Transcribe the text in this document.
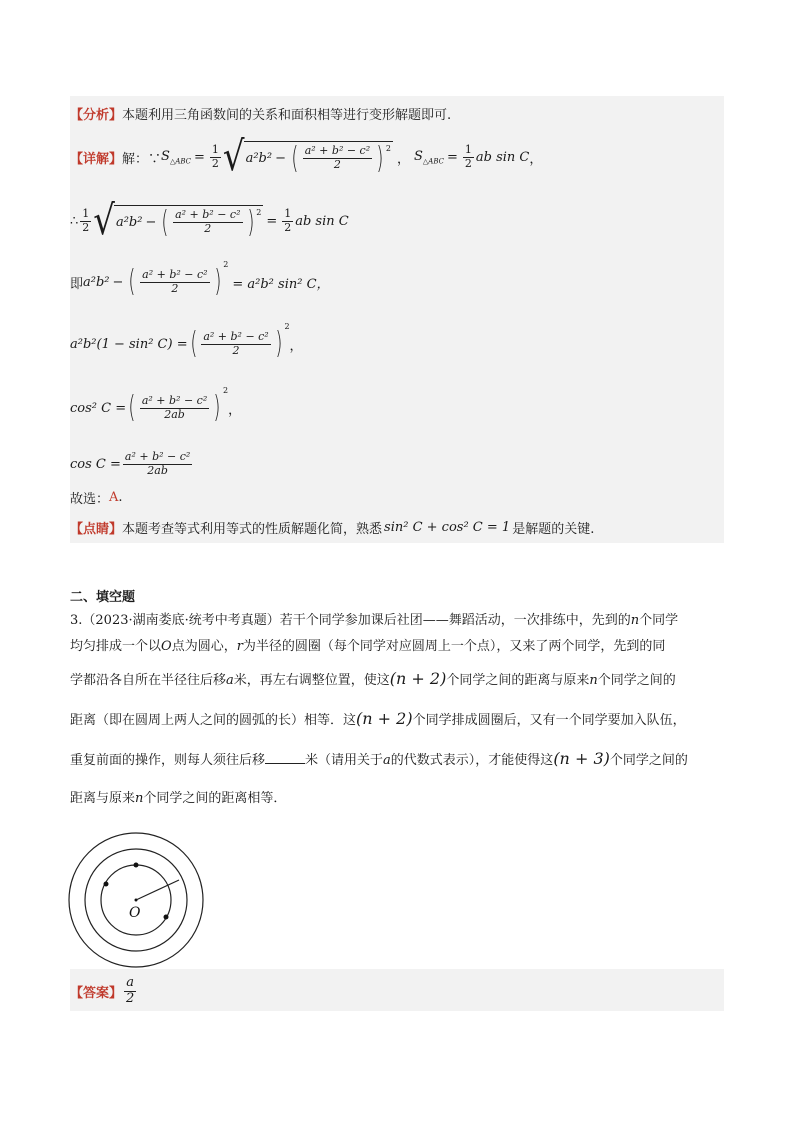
【分析】 本题利用三角函数间的关系和面积相等进行变形解题即可.
【详解】 解：∵ $S_{\triangle ABC} = \frac{1}{2}$ √ a²b² − ( $\frac{\text{a² + b² − c²}}{2}$ ) $^2$
， $S_{\triangle ABC} = \frac{1}{2}$ ab sin C ，
∴ $\frac{1}{2}$ √ a²b² − ( $\frac{\text{a² + b² − c²}}{2}$ ) $^2$
= $\frac{1}{2}$ ab sin C
即 a²b² − ( $\frac{\text{a² + b² − c²}}{2}$ ) $^2$
= a²b² sin² C，
a²b²(1 − sin² C) = ( $\frac{\text{a² + b² − c²}}{2}$ ) $^2$
，
cos² C = ( $\frac{\text{a² + b² − c²}}{2ab}$ ) $^2$
，
$\cos C = \frac{\text{a² + b² − c²}}{2ab}$
故选： A .
【点睛】 本题考查等式利用等式的性质解题化简，熟悉 sin² C + cos² C = 1 是解题的关键.
二、填空题
3.（2023·湖南娄底·统考中考真题）若干个同学参加课后社团——舞蹈活动，一次排练中，先到的n个同学
均匀排成一个以O点为圆心，r为半径的圆圈（每个同学对应圆周上一个点），又来了两个同学，先到的同
学都沿各自所在半径往后移a米，再左右调整位置，使这(n + 2)个同学之间的距离与原来n个同学之间的
距离（即在圆周上两人之间的圆弧的长）相等．这(n + 2)个同学排成圆圈后，又有一个同学要加入队伍，
重复前面的操作，则每人须往后移	米（请用关于a的代数式表示），才能使得这(n + 3)个同学之间的
距离与原来n个同学之间的距离相等．
O
【答案】 $\frac{a}{2}$
